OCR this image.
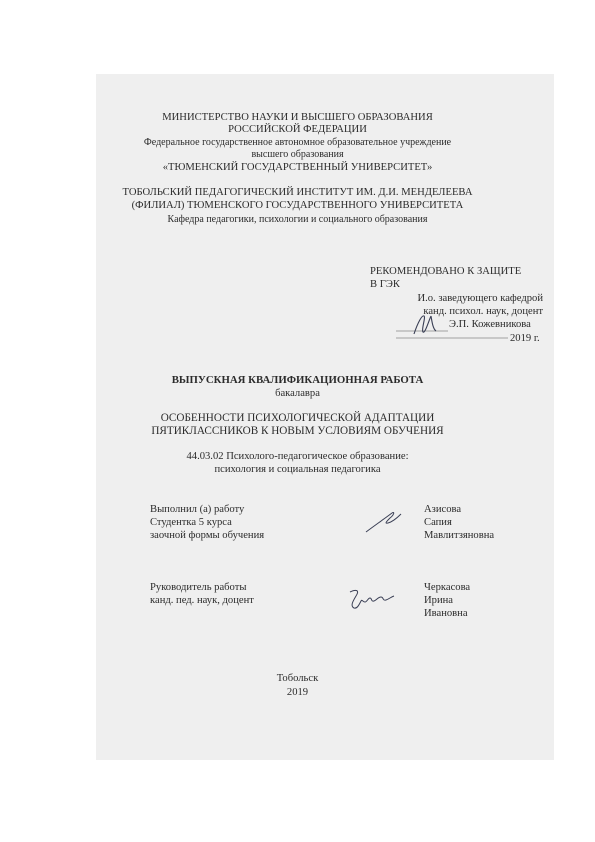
МИНИСТЕРСТВО НАУКИ И ВЫСШЕГО ОБРАЗОВАНИЯ
РОССИЙСКОЙ ФЕДЕРАЦИИ
Федеральное государственное автономное образовательное учреждение
высшего образования
«ТЮМЕНСКИЙ ГОСУДАРСТВЕННЫЙ УНИВЕРСИТЕТ»
ТОБОЛЬСКИЙ ПЕДАГОГИЧЕСКИЙ ИНСТИТУТ ИМ. Д.И. МЕНДЕЛЕЕВА
(ФИЛИАЛ) ТЮМЕНСКОГО ГОСУДАРСТВЕННОГО УНИВЕРСИТЕТА
Кафедра педагогики, психологии и социального образования
РЕКОМЕНДОВАНО К ЗАЩИТЕ
В ГЭК
И.о. заведующего кафедрой
канд. психол. наук, доцент
Э.П. Кожевникова
2019 г.
ВЫПУСКНАЯ КВАЛИФИКАЦИОННАЯ РАБОТА
бакалавра
ОСОБЕННОСТИ ПСИХОЛОГИЧЕСКОЙ АДАПТАЦИИ
ПЯТИКЛАССНИКОВ К НОВЫМ УСЛОВИЯМ ОБУЧЕНИЯ
44.03.02 Психолого-педагогическое образование:
психология и социальная педагогика
Выполнил (а) работу
Студентка 5 курса
заочной формы обучения
Азисова
Сапия
Мавлитзяновна
Руководитель работы
канд. пед. наук, доцент
Черкасова
Ирина
Ивановна
Тобольск
2019
